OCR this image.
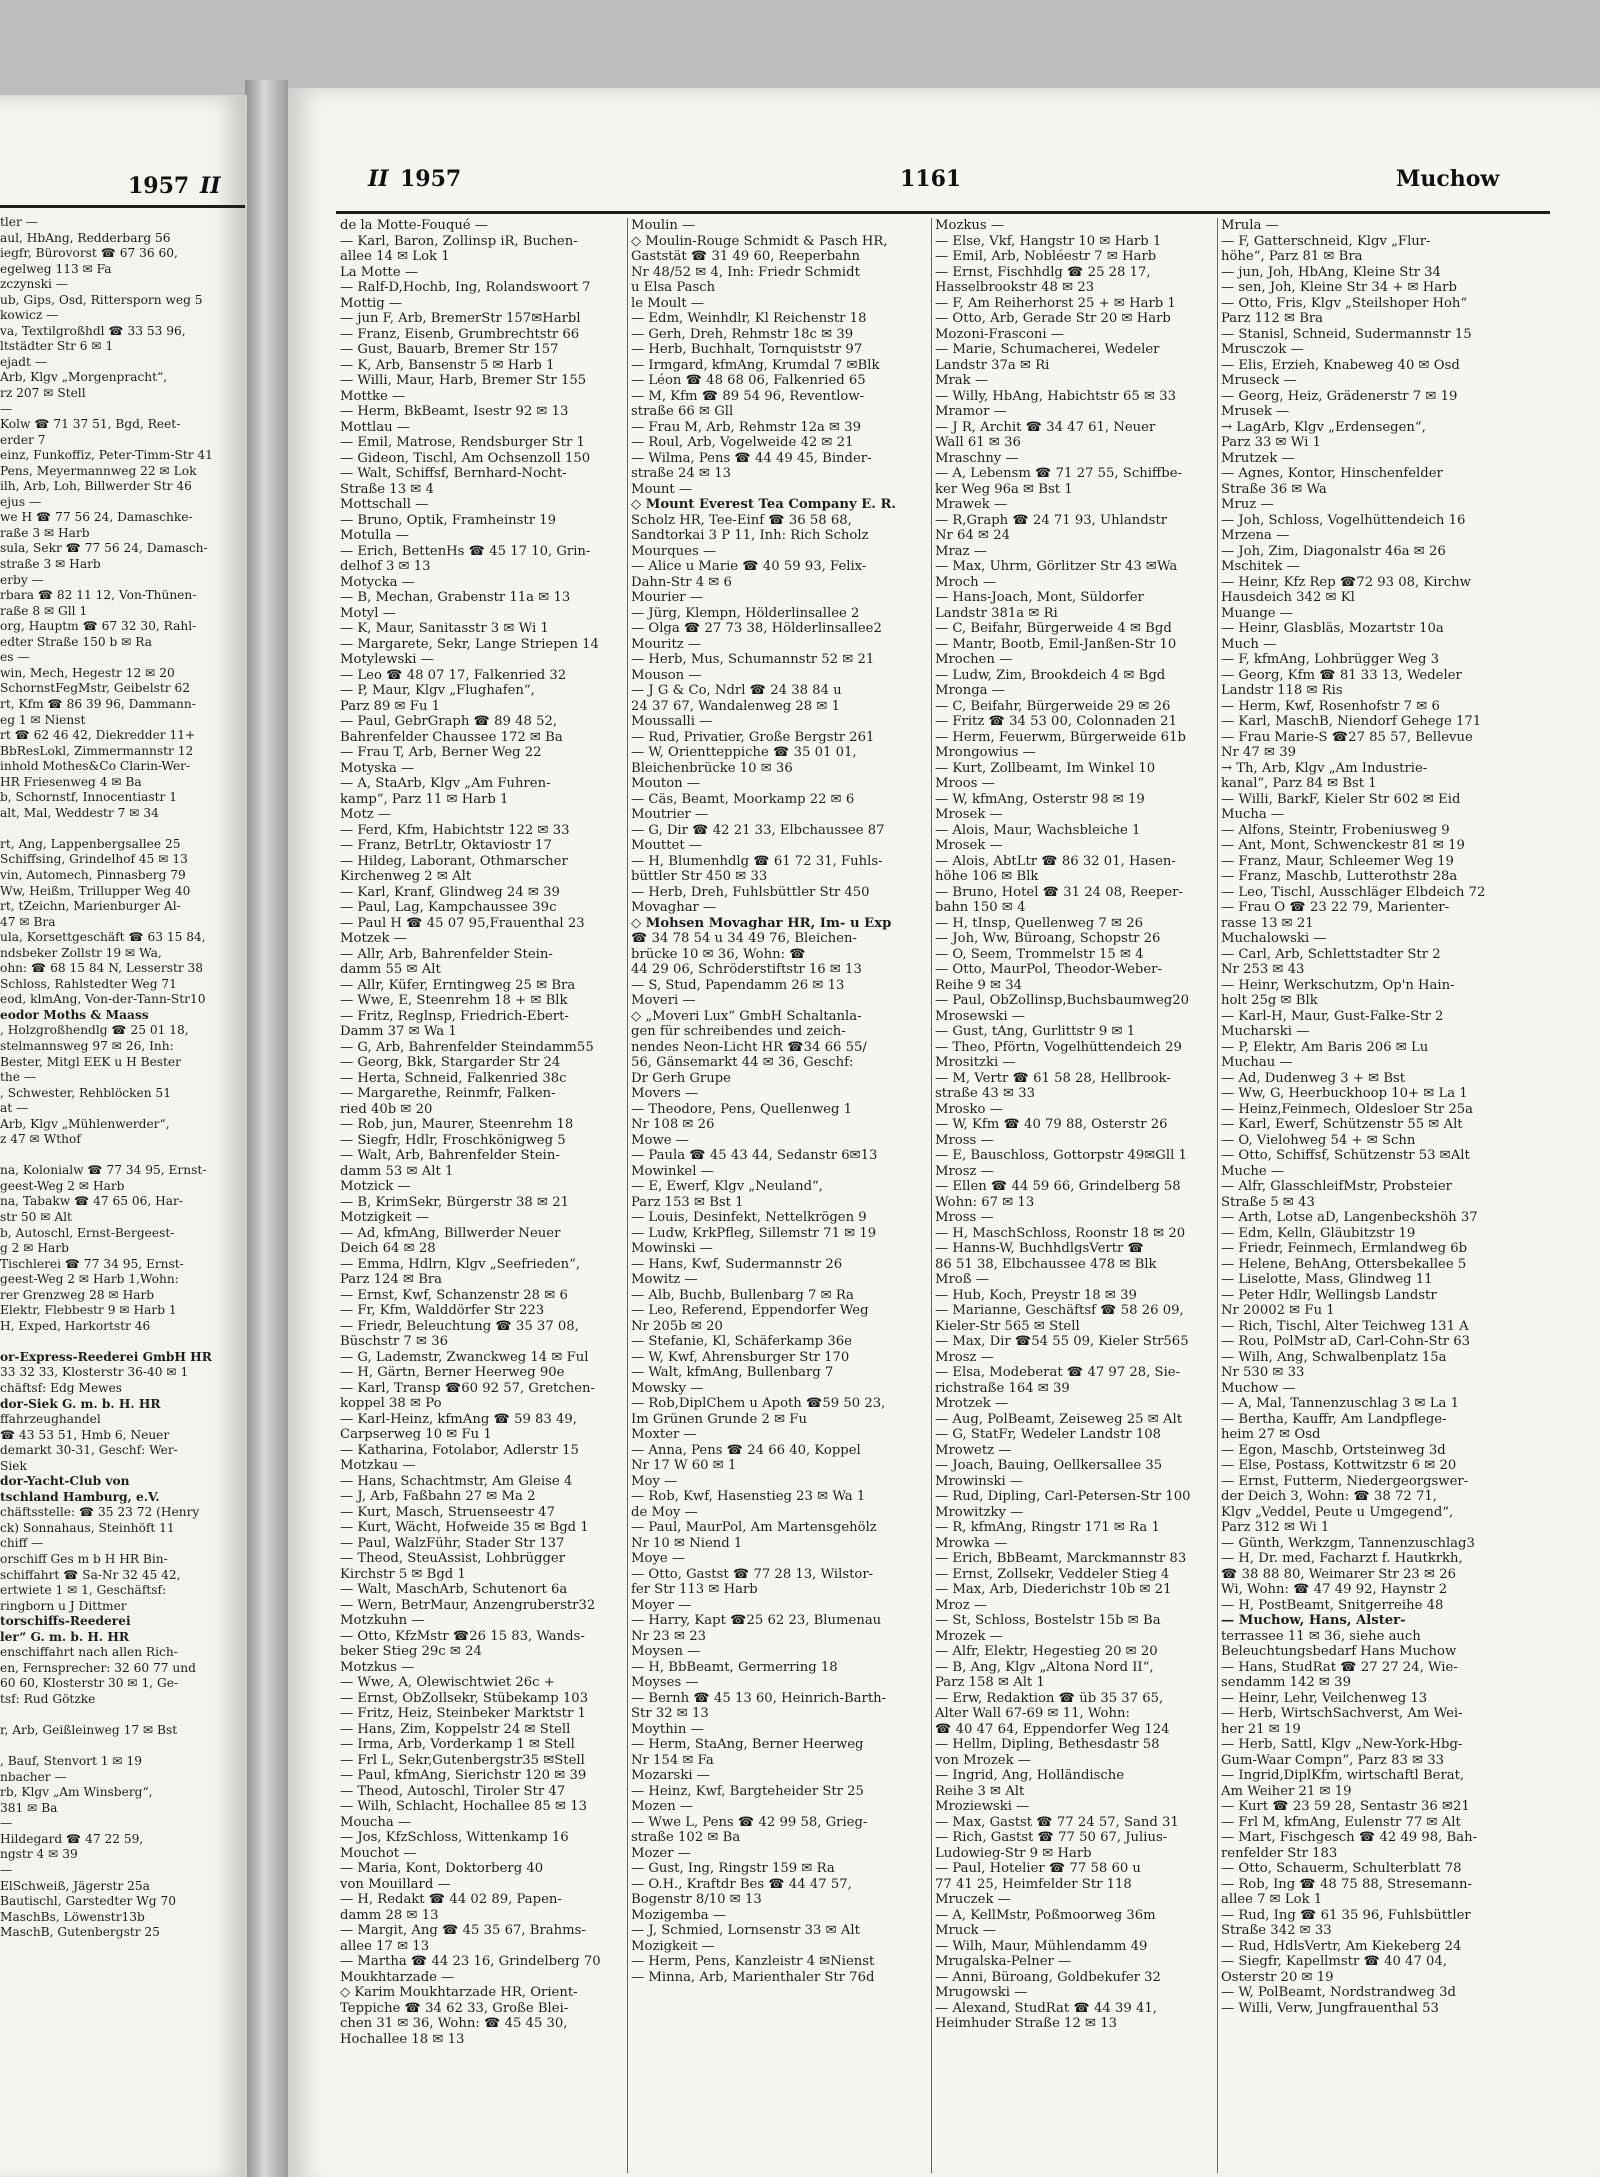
1957 II
tler —
aul, HbAng, Redderbarg 56
iegfr, Bürovorst ☎ 67 36 60,
egelweg 113 ✉ Fa
zczynski —
ub, Gips, Osd, Rittersporn weg 5
kowicz —
va, Textilgroßhdl ☎ 33 53 96,
ltstädter Str 6 ✉ 1
ejadt —
Arb, Klgv „Morgenpracht“,
rz 207 ✉ Stell
—
Kolw ☎ 71 37 51, Bgd, Reet-
erder 7
einz, Funkoffiz, Peter-Timm-Str 41
Pens, Meyermannweg 22 ✉ Lok
ilh, Arb, Loh, Billwerder Str 46
ejus —
we H ☎ 77 56 24, Damaschke-
raße 3 ✉ Harb
sula, Sekr ☎ 77 56 24, Damasch-
straße 3 ✉ Harb
erby —
rbara ☎ 82 11 12, Von-Thünen-
raße 8 ✉ Gll 1
org, Hauptm ☎ 67 32 30, Rahl-
edter Straße 150 b ✉ Ra
es —
win, Mech, Hegestr 12 ✉ 20
SchornstFegMstr, Geibelstr 62
rt, Kfm ☎ 86 39 96, Dammann-
eg 1 ✉ Nienst
rt ☎ 62 46 42, Diekredder 11+
BbResLokl, Zimmermannstr 12
inhold Mothes&Co Clarin-Wer-
HR Friesenweg 4 ✉ Ba
b, Schornstf, Innocentiastr 1
alt, Mal, Weddestr 7 ✉ 34

rt, Ang, Lappenbergsallee 25
Schiffsing, Grindelhof 45 ✉ 13
vin, Automech, Pinnasberg 79
Ww, Heißm, Trillupper Weg 40
rt, tZeichn, Marienburger Al-
47 ✉ Bra
ula, Korsettgeschäft ☎ 63 15 84,
ndsbeker Zollstr 19 ✉ Wa,
ohn: ☎ 68 15 84 N, Lesserstr 38
Schloss, Rahlstedter Weg 71
eod, klmAng, Von-der-Tann-Str10
eodor Moths & Maass
, Holzgroßhendlg ☎ 25 01 18,
stelmannsweg 97 ✉ 26, Inh:
Bester, Mitgl EEK u H Bester
the —
, Schwester, Rehblöcken 51
at —
Arb, Klgv „Mühlenwerder“,
z 47 ✉ Wthof

na, Kolonialw ☎ 77 34 95, Ernst-
geest-Weg 2 ✉ Harb
na, Tabakw ☎ 47 65 06, Har-
str 50 ✉ Alt
b, Autoschl, Ernst-Bergeest-
g 2 ✉ Harb
Tischlerei ☎ 77 34 95, Ernst-
geest-Weg 2 ✉ Harb 1,Wohn:
rer Grenzweg 28 ✉ Harb
Elektr, Flebbestr 9 ✉ Harb 1
H, Exped, Harkortstr 46

or-Express-Reederei GmbH HR
33 32 33, Klosterstr 36-40 ✉ 1
chäftsf: Edg Mewes
dor-Siek G. m. b. H. HR
ffahrzeughandel
☎ 43 53 51, Hmb 6, Neuer
demarkt 30-31, Geschf: Wer-
Siek
dor-Yacht-Club von
tschland Hamburg, e.V.
chäftsstelle: ☎ 35 23 72 (Henry
ck) Sonnahaus, Steinhöft 11
chiff —
orschiff Ges m b H HR Bin-
schiffahrt ☎ Sa-Nr 32 45 42,
ertwiete 1 ✉ 1, Geschäftsf:
ringborn u J Dittmer
torschiffs-Reederei
ler“ G. m. b. H. HR
enschiffahrt nach allen Rich-
en, Fernsprecher: 32 60 77 und
60 60, Klosterstr 30 ✉ 1, Ge-
tsf: Rud Götzke

r, Arb, Geißleinweg 17 ✉ Bst

, Bauf, Stenvort 1 ✉ 19
nbacher —
rb, Klgv „Am Winsberg“,
381 ✉ Ba
—
Hildegard ☎ 47 22 59,
ngstr 4 ✉ 39
—
ElSchweiß, Jägerstr 25a
Bautischl, Garstedter Wg 70
MaschBs, Löwenstr13b
MaschB, Gutenbergstr 25
II 1957	1161	Muchow
de la Motte-Fouqué —
— Karl, Baron, Zollinsp iR, Buchen-
allee 14 ✉ Lok 1
La Motte —
— Ralf-D,Hochb, Ing, Rolandswoort 7
Mottig —
— jun F, Arb, BremerStr 157✉Harbl
— Franz, Eisenb, Grumbrechtstr 66
— Gust, Bauarb, Bremer Str 157
— K, Arb, Bansenstr 5 ✉ Harb 1
— Willi, Maur, Harb, Bremer Str 155
Mottke —
— Herm, BkBeamt, Isestr 92 ✉ 13
Mottlau —
— Emil, Matrose, Rendsburger Str 1
— Gideon, Tischl, Am Ochsenzoll 150
— Walt, Schiffsf, Bernhard-Nocht-
Straße 13 ✉ 4
Mottschall —
— Bruno, Optik, Framheinstr 19
Motulla —
— Erich, BettenHs ☎ 45 17 10, Grin-
delhof 3 ✉ 13
Motycka —
— B, Mechan, Grabenstr 11a ✉ 13
Motyl —
— K, Maur, Sanitasstr 3 ✉ Wi 1
— Margarete, Sekr, Lange Striepen 14
Motylewski —
— Leo ☎ 48 07 17, Falkenried 32
— P, Maur, Klgv „Flughafen“,
Parz 89 ✉ Fu 1
— Paul, GebrGraph ☎ 89 48 52,
Bahrenfelder Chaussee 172 ✉ Ba
— Frau T, Arb, Berner Weg 22
Motyska —
— A, StaArb, Klgv „Am Fuhren-
kamp“, Parz 11 ✉ Harb 1
Motz —
— Ferd, Kfm, Habichtstr 122 ✉ 33
— Franz, BetrLtr, Oktaviostr 17
— Hildeg, Laborant, Othmarscher
Kirchenweg 2 ✉ Alt
— Karl, Kranf, Glindweg 24 ✉ 39
— Paul, Lag, Kampchaussee 39c
— Paul H ☎ 45 07 95,Frauenthal 23
Motzek —
— Allr, Arb, Bahrenfelder Stein-
damm 55 ✉ Alt
— Allr, Küfer, Erntingweg 25 ✉ Bra
— Wwe, E, Steenrehm 18 + ✉ Blk
— Fritz, Reglnsp, Friedrich-Ebert-
Damm 37 ✉ Wa 1
— G, Arb, Bahrenfelder Steindamm55
— Georg, Bkk, Stargarder Str 24
— Herta, Schneid, Falkenried 38c
— Margarethe, Reinmfr, Falken-
ried 40b ✉ 20
— Rob, jun, Maurer, Steenrehm 18
— Siegfr, Hdlr, Froschkönigweg 5
— Walt, Arb, Bahrenfelder Stein-
damm 53 ✉ Alt 1
Motzick —
— B, KrimSekr, Bürgerstr 38 ✉ 21
Motzigkeit —
— Ad, kfmAng, Billwerder Neuer
Deich 64 ✉ 28
— Emma, Hdlrn, Klgv „Seefrieden“,
Parz 124 ✉ Bra
— Ernst, Kwf, Schanzenstr 28 ✉ 6
— Fr, Kfm, Walddörfer Str 223
— Friedr, Beleuchtung ☎ 35 37 08,
Büschstr 7 ✉ 36
— G, Lademstr, Zwanckweg 14 ✉ Ful
— H, Gärtn, Berner Heerweg 90e
— Karl, Transp ☎60 92 57, Gretchen-
koppel 38 ✉ Po
— Karl-Heinz, kfmAng ☎ 59 83 49,
Carpserweg 10 ✉ Fu 1
— Katharina, Fotolabor, Adlerstr 15
Motzkau —
— Hans, Schachtmstr, Am Gleise 4
— J, Arb, Faßbahn 27 ✉ Ma 2
— Kurt, Masch, Struenseestr 47
— Kurt, Wächt, Hofweide 35 ✉ Bgd 1
— Paul, WalzFühr, Stader Str 137
— Theod, SteuAssist, Lohbrügger
Kirchstr 5 ✉ Bgd 1
— Walt, MaschArb, Schutenort 6a
— Wern, BetrMaur, Anzengruberstr32
Motzkuhn —
— Otto, KfzMstr ☎26 15 83, Wands-
beker Stieg 29c ✉ 24
Motzkus —
— Wwe, A, Olewischtwiet 26c +
— Ernst, ObZollsekr, Stübekamp 103
— Fritz, Heiz, Steinbeker Marktstr 1
— Hans, Zim, Koppelstr 24 ✉ Stell
— Irma, Arb, Vorderkamp 1 ✉ Stell
— Frl L, Sekr,Gutenbergstr35 ✉Stell
— Paul, kfmAng, Sierichstr 120 ✉ 39
— Theod, Autoschl, Tiroler Str 47
— Wilh, Schlacht, Hochallee 85 ✉ 13
Moucha —
— Jos, KfzSchloss, Wittenkamp 16
Mouchot —
— Maria, Kont, Doktorberg 40
von Mouillard —
— H, Redakt ☎ 44 02 89, Papen-
damm 28 ✉ 13
— Margit, Ang ☎ 45 35 67, Brahms-
allee 17 ✉ 13
— Martha ☎ 44 23 16, Grindelberg 70
Moukhtarzade —
◇ Karim Moukhtarzade HR, Orient-
Teppiche ☎ 34 62 33, Große Blei-
chen 31 ✉ 36, Wohn: ☎ 45 45 30,
Hochallee 18 ✉ 13
Moulin —
◇ Moulin-Rouge Schmidt & Pasch HR,
Gaststät ☎ 31 49 60, Reeperbahn
Nr 48/52 ✉ 4, Inh: Friedr Schmidt
u Elsa Pasch
le Moult —
— Edm, Weinhdlr, Kl Reichenstr 18
— Gerh, Dreh, Rehmstr 18c ✉ 39
— Herb, Buchhalt, Tornquiststr 97
— Irmgard, kfmAng, Krumdal 7 ✉Blk
— Léon ☎ 48 68 06, Falkenried 65
— M, Kfm ☎ 89 54 96, Reventlow-
straße 66 ✉ Gll
— Frau M, Arb, Rehmstr 12a ✉ 39
— Roul, Arb, Vogelweide 42 ✉ 21
— Wilma, Pens ☎ 44 49 45, Binder-
straße 24 ✉ 13
Mount —
◇ Mount Everest Tea Company E. R.
Scholz HR, Tee-Einf ☎ 36 58 68,
Sandtorkai 3 P 11, Inh: Rich Scholz
Mourques —
— Alice u Marie ☎ 40 59 93, Felix-
Dahn-Str 4 ✉ 6
Mourier —
— Jürg, Klempn, Hölderlinsallee 2
— Olga ☎ 27 73 38, Hölderlinsallee2
Mouritz —
— Herb, Mus, Schumannstr 52 ✉ 21
Mouson —
— J G & Co, Ndrl ☎ 24 38 84 u
24 37 67, Wandalenweg 28 ✉ 1
Moussalli —
— Rud, Privatier, Große Bergstr 261
— W, Orientteppiche ☎ 35 01 01,
Bleichenbrücke 10 ✉ 36
Mouton —
— Cäs, Beamt, Moorkamp 22 ✉ 6
Moutrier —
— G, Dir ☎ 42 21 33, Elbchaussee 87
Mouttet —
— H, Blumenhdlg ☎ 61 72 31, Fuhls-
büttler Str 450 ✉ 33
— Herb, Dreh, Fuhlsbüttler Str 450
Movaghar —
◇ Mohsen Movaghar HR, Im- u Exp
☎ 34 78 54 u 34 49 76, Bleichen-
brücke 10 ✉ 36, Wohn: ☎
44 29 06, Schröderstiftstr 16 ✉ 13
— S, Stud, Papendamm 26 ✉ 13
Moveri —
◇ „Moveri Lux“ GmbH Schaltanla-
gen für schreibendes und zeich-
nendes Neon-Licht HR ☎34 66 55/
56, Gänsemarkt 44 ✉ 36, Geschf:
Dr Gerh Grupe
Movers —
— Theodore, Pens, Quellenweg 1
Nr 108 ✉ 26
Mowe —
— Paula ☎ 45 43 44, Sedanstr 6✉13
Mowinkel —
— E, Ewerf, Klgv „Neuland“,
Parz 153 ✉ Bst 1
— Louis, Desinfekt, Nettelkrögen 9
— Ludw, KrkPfleg, Sillemstr 71 ✉ 19
Mowinski —
— Hans, Kwf, Sudermannstr 26
Mowitz —
— Alb, Buchb, Bullenbarg 7 ✉ Ra
— Leo, Referend, Eppendorfer Weg
Nr 205b ✉ 20
— Stefanie, Kl, Schäferkamp 36e
— W, Kwf, Ahrensburger Str 170
— Walt, kfmAng, Bullenbarg 7
Mowsky —
— Rob,DiplChem u Apoth ☎59 50 23,
Im Grünen Grunde 2 ✉ Fu
Moxter —
— Anna, Pens ☎ 24 66 40, Koppel
Nr 17 W 60 ✉ 1
Moy —
— Rob, Kwf, Hasenstieg 23 ✉ Wa 1
de Moy —
— Paul, MaurPol, Am Martensgehölz
Nr 10 ✉ Niend 1
Moye —
— Otto, Gastst ☎ 77 28 13, Wilstor-
fer Str 113 ✉ Harb
Moyer —
— Harry, Kapt ☎25 62 23, Blumenau
Nr 23 ✉ 23
Moysen —
— H, BbBeamt, Germerring 18
Moyses —
— Bernh ☎ 45 13 60, Heinrich-Barth-
Str 32 ✉ 13
Moythin —
— Herm, StaAng, Berner Heerweg
Nr 154 ✉ Fa
Mozarski —
— Heinz, Kwf, Bargteheider Str 25
Mozen —
— Wwe L, Pens ☎ 42 99 58, Grieg-
straße 102 ✉ Ba
Mozer —
— Gust, Ing, Ringstr 159 ✉ Ra
— O.H., Kraftdr Bes ☎ 44 47 57,
Bogenstr 8/10 ✉ 13
Mozigemba —
— J, Schmied, Lornsenstr 33 ✉ Alt
Mozigkeit —
— Herm, Pens, Kanzleistr 4 ✉Nienst
— Minna, Arb, Marienthaler Str 76d
Mozkus —
— Else, Vkf, Hangstr 10 ✉ Harb 1
— Emil, Arb, Nobléestr 7 ✉ Harb
— Ernst, Fischhdlg ☎ 25 28 17,
Hasselbrookstr 48 ✉ 23
— F, Am Reiherhorst 25 + ✉ Harb 1
— Otto, Arb, Gerade Str 20 ✉ Harb
Mozoni-Frasconi —
— Marie, Schumacherei, Wedeler
Landstr 37a ✉ Ri
Mrak —
— Willy, HbAng, Habichtstr 65 ✉ 33
Mramor —
— J R, Archit ☎ 34 47 61, Neuer
Wall 61 ✉ 36
Mraschny —
— A, Lebensm ☎ 71 27 55, Schiffbe-
ker Weg 96a ✉ Bst 1
Mrawek —
— R,Graph ☎ 24 71 93, Uhlandstr
Nr 64 ✉ 24
Mraz —
— Max, Uhrm, Görlitzer Str 43 ✉Wa
Mroch —
— Hans-Joach, Mont, Süldorfer
Landstr 381a ✉ Ri
— C, Beifahr, Bürgerweide 4 ✉ Bgd
— Mantr, Bootb, Emil-Janßen-Str 10
Mrochen —
— Ludw, Zim, Brookdeich 4 ✉ Bgd
Mronga —
— C, Beifahr, Bürgerweide 29 ✉ 26
— Fritz ☎ 34 53 00, Colonnaden 21
— Herm, Feuerwm, Bürgerweide 61b
Mrongowius —
— Kurt, Zollbeamt, Im Winkel 10
Mroos —
— W, kfmAng, Osterstr 98 ✉ 19
Mrosek —
— Alois, Maur, Wachsbleiche 1
Mrosek —
— Alois, AbtLtr ☎ 86 32 01, Hasen-
höhe 106 ✉ Blk
— Bruno, Hotel ☎ 31 24 08, Reeper-
bahn 150 ✉ 4
— H, tInsp, Quellenweg 7 ✉ 26
— Joh, Ww, Büroang, Schopstr 26
— O, Seem, Trommelstr 15 ✉ 4
— Otto, MaurPol, Theodor-Weber-
Reihe 9 ✉ 34
— Paul, ObZollinsp,Buchsbaumweg20
Mrosewski —
— Gust, tAng, Gurlittstr 9 ✉ 1
— Theo, Pförtn, Vogelhüttendeich 29
Mrositzki —
— M, Vertr ☎ 61 58 28, Hellbrook-
straße 43 ✉ 33
Mrosko —
— W, Kfm ☎ 40 79 88, Osterstr 26
Mross —
— E, Bauschloss, Gottorpstr 49✉Gll 1
Mrosz —
— Ellen ☎ 44 59 66, Grindelberg 58
Wohn: 67 ✉ 13
Mross —
— H, MaschSchloss, Roonstr 18 ✉ 20
— Hanns-W, BuchhdlgsVertr ☎
86 51 38, Elbchaussee 478 ✉ Blk
Mroß —
— Hub, Koch, Preystr 18 ✉ 39
— Marianne, Geschäftsf ☎ 58 26 09,
Kieler-Str 565 ✉ Stell
— Max, Dir ☎54 55 09, Kieler Str565
Mrosz —
— Elsa, Modeberat ☎ 47 97 28, Sie-
richstraße 164 ✉ 39
Mrotzek —
— Aug, PolBeamt, Zeiseweg 25 ✉ Alt
— G, StatFr, Wedeler Landstr 108
Mrowetz —
— Joach, Bauing, Oellkersallee 35
Mrowinski —
— Rud, Dipling, Carl-Petersen-Str 100
Mrowitzky —
— R, kfmAng, Ringstr 171 ✉ Ra 1
Mrowka —
— Erich, BbBeamt, Marckmannstr 83
— Ernst, Zollsekr, Veddeler Stieg 4
— Max, Arb, Diederichstr 10b ✉ 21
Mroz —
— St, Schloss, Bostelstr 15b ✉ Ba
Mrozek —
— Alfr, Elektr, Hegestieg 20 ✉ 20
— B, Ang, Klgv „Altona Nord II“,
Parz 158 ✉ Alt 1
— Erw, Redaktion ☎ üb 35 37 65,
Alter Wall 67-69 ✉ 11, Wohn:
☎ 40 47 64, Eppendorfer Weg 124
— Hellm, Dipling, Bethesdastr 58
von Mrozek —
— Ingrid, Ang, Holländische
Reihe 3 ✉ Alt
Mroziewski —
— Max, Gastst ☎ 77 24 57, Sand 31
— Rich, Gastst ☎ 77 50 67, Julius-
Ludowieg-Str 9 ✉ Harb
— Paul, Hotelier ☎ 77 58 60 u
77 41 25, Heimfelder Str 118
Mruczek —
— A, KellMstr, Poßmoorweg 36m
Mruck —
— Wilh, Maur, Mühlendamm 49
Mrugalska-Pelner —
— Anni, Büroang, Goldbekufer 32
Mrugowski —
— Alexand, StudRat ☎ 44 39 41,
Heimhuder Straße 12 ✉ 13
Mrula —
— F, Gatterschneid, Klgv „Flur-
höhe“, Parz 81 ✉ Bra
— jun, Joh, HbAng, Kleine Str 34
— sen, Joh, Kleine Str 34 + ✉ Harb
— Otto, Fris, Klgv „Steilshoper Hoh“
Parz 112 ✉ Bra
— Stanisl, Schneid, Sudermannstr 15
Mrusczok —
— Elis, Erzieh, Knabeweg 40 ✉ Osd
Mruseck —
— Georg, Heiz, Grädenerstr 7 ✉ 19
Mrusek —
→ LagArb, Klgv „Erdensegen“,
Parz 33 ✉ Wi 1
Mrutzek —
— Agnes, Kontor, Hinschenfelder
Straße 36 ✉ Wa
Mruz —
— Joh, Schloss, Vogelhüttendeich 16
Mrzena —
— Joh, Zim, Diagonalstr 46a ✉ 26
Mschitek —
— Heinr, Kfz Rep ☎72 93 08, Kirchw
Hausdeich 342 ✉ Kl
Muange —
— Heinr, Glasbläs, Mozartstr 10a
Much —
— F, kfmAng, Lohbrügger Weg 3
— Georg, Kfm ☎ 81 33 13, Wedeler
Landstr 118 ✉ Ris
— Herm, Kwf, Rosenhofstr 7 ✉ 6
— Karl, MaschB, Niendorf Gehege 171
— Frau Marie-S ☎27 85 57, Bellevue
Nr 47 ✉ 39
→ Th, Arb, Klgv „Am Industrie-
kanal“, Parz 84 ✉ Bst 1
— Willi, BarkF, Kieler Str 602 ✉ Eid
Mucha —
— Alfons, Steintr, Frobeniusweg 9
— Ant, Mont, Schwenckestr 81 ✉ 19
— Franz, Maur, Schleemer Weg 19
— Franz, Maschb, Lutterothstr 28a
— Leo, Tischl, Ausschläger Elbdeich 72
— Frau O ☎ 23 22 79, Marienter-
rasse 13 ✉ 21
Muchalowski —
— Carl, Arb, Schlettstadter Str 2
Nr 253 ✉ 43
— Heinr, Werkschutzm, Op'n Hain-
holt 25g ✉ Blk
— Karl-H, Maur, Gust-Falke-Str 2
Mucharski —
— P, Elektr, Am Baris 206 ✉ Lu
Muchau —
— Ad, Dudenweg 3 + ✉ Bst
— Ww, G, Heerbuckhoop 10+ ✉ La 1
— Heinz,Feinmech, Oldesloer Str 25a
— Karl, Ewerf, Schützenstr 55 ✉ Alt
— O, Vielohweg 54 + ✉ Schn
— Otto, Schiffsf, Schützenstr 53 ✉Alt
Muche —
— Alfr, GlasschleifMstr, Probsteier
Straße 5 ✉ 43
— Arth, Lotse aD, Langenbeckshöh 37
— Edm, Kelln, Gläubitzstr 19
— Friedr, Feinmech, Ermlandweg 6b
— Helene, BehAng, Ottersbekallee 5
— Liselotte, Mass, Glindweg 11
— Peter Hdlr, Wellingsb Landstr
Nr 20002 ✉ Fu 1
— Rich, Tischl, Alter Teichweg 131 A
— Rou, PolMstr aD, Carl-Cohn-Str 63
— Wilh, Ang, Schwalbenplatz 15a
Nr 530 ✉ 33
Muchow —
— A, Mal, Tannenzuschlag 3 ✉ La 1
— Bertha, Kauffr, Am Landpflege-
heim 27 ✉ Osd
— Egon, Maschb, Ortsteinweg 3d
— Else, Postass, Kottwitzstr 6 ✉ 20
— Ernst, Futterm, Niedergeorgswer-
der Deich 3, Wohn: ☎ 38 72 71,
Klgv „Veddel, Peute u Umgegend“,
Parz 312 ✉ Wi 1
— Günth, Werkzgm, Tannenzuschlag3
— H, Dr. med, Facharzt f. Hautkrkh,
☎ 38 88 80, Weimarer Str 23 ✉ 26
Wi, Wohn: ☎ 47 49 92, Haynstr 2
— H, PostBeamt, Snitgerreihe 48
— Muchow, Hans, Alster-
terrassee 11 ✉ 36, siehe auch
Beleuchtungsbedarf Hans Muchow
— Hans, StudRat ☎ 27 27 24, Wie-
sendamm 142 ✉ 39
— Heinr, Lehr, Veilchenweg 13
— Herb, WirtschSachverst, Am Wei-
her 21 ✉ 19
— Herb, Sattl, Klgv „New-York-Hbg-
Gum-Waar Compn“, Parz 83 ✉ 33
— Ingrid,DiplKfm, wirtschaftl Berat,
Am Weiher 21 ✉ 19
— Kurt ☎ 23 59 28, Sentastr 36 ✉21
— Frl M, kfmAng, Eulenstr 77 ✉ Alt
— Mart, Fischgesch ☎ 42 49 98, Bah-
renfelder Str 183
— Otto, Schauerm, Schulterblatt 78
— Rob, Ing ☎ 48 75 88, Stresemann-
allee 7 ✉ Lok 1
— Rud, Ing ☎ 61 35 96, Fuhlsbüttler
Straße 342 ✉ 33
— Rud, HdlsVertr, Am Kiekeberg 24
— Siegfr, Kapellmstr ☎ 40 47 04,
Osterstr 20 ✉ 19
— W, PolBeamt, Nordstrandweg 3d
— Willi, Verw, Jungfrauenthal 53
